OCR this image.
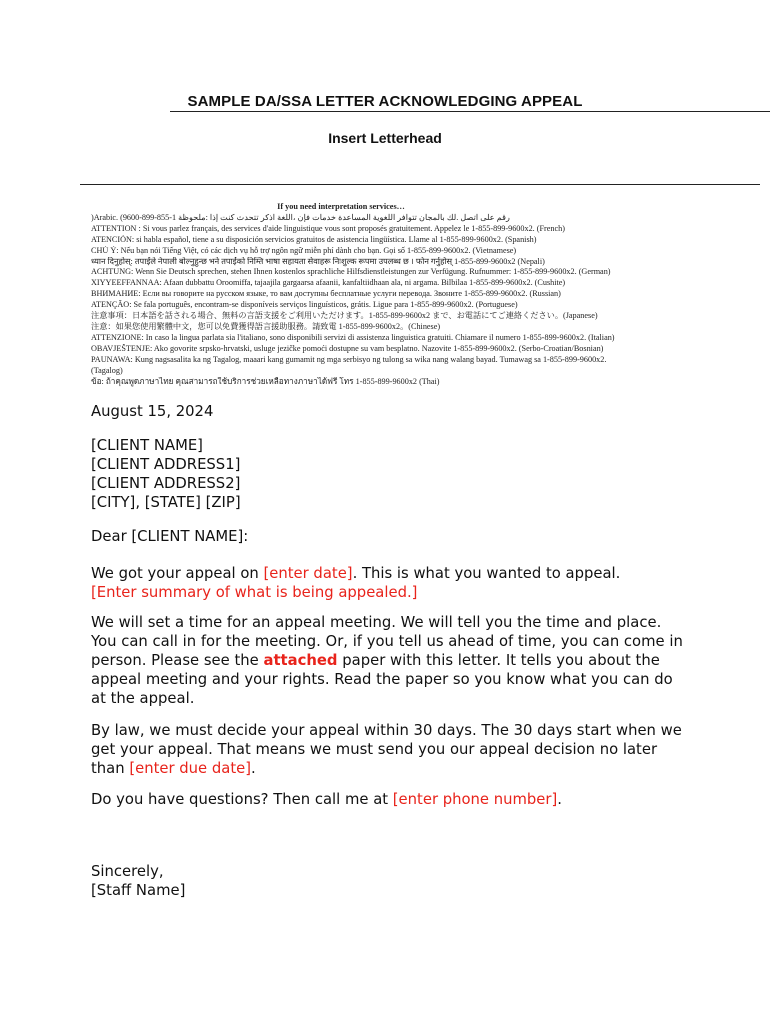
SAMPLE DA/SSA LETTER ACKNOWLEDGING APPEAL
Insert Letterhead
If you need interpretation services…
)Arabic. (9600-899-855-1 ﺭﻗﻢ ﻋﻠﻰ ﺍﺗﺼﻞ .ﻟﻚ ﺑﺎﻟﻤﺠﺎﻥ ﺗﺘﻮﺍﻓﺮ ﺍﻟﻠﻐﻮﻳﺔ ﺍﻟﻤﺴﺎﻋﺪﺓ ﺧﺪﻣﺎﺕ ﻓﺈﻥ ،ﺍﻟﻠﻐﺔ ﺍﺫﻛﺮ ﺗﺘﺤﺪﺙ ﻛﻨﺖ ﺇﺫﺍ :ﻣﻠﺤﻮﻇﺔ
ATTENTION : Si vous parlez français, des services d'aide linguistique vous sont proposés gratuitement. Appelez le 1-855-899-9600x2. (French)
ATENCIÓN: si habla español, tiene a su disposición servicios gratuitos de asistencia lingüística. Llame al 1-855-899-9600x2. (Spanish)
CHÚ Ý: Nếu bạn nói Tiếng Việt, có các dịch vụ hỗ trợ ngôn ngữ miễn phí dành cho bạn. Gọi số 1-855-899-9600x2. (Vietnamese)
ध्यान दिनुहोस्: तपाईंले नेपाली बोल्नुहुन्छ भने तपाईंको निम्ति भाषा सहायता सेवाहरू निःशुल्क रूपमा उपलब्ध छ । फोन गर्नुहोस् 1-855-899-9600x2 (Nepali)
ACHTUNG: Wenn Sie Deutsch sprechen, stehen Ihnen kostenlos sprachliche Hilfsdienstleistungen zur Verfügung. Rufnummer: 1-855-899-9600x2. (German)
XIYYEEFFANNAA: Afaan dubbattu Oroomiffa, tajaajila gargaarsa afaanii, kanfaltiidhaan ala, ni argama. Bilbilaa 1-855-899-9600x2. (Cushite)
ВНИМАНИЕ: Если вы говорите на русском языке, то вам доступны бесплатные услуги перевода. Звоните 1-855-899-9600x2. (Russian)
ATENÇÃO: Se fala português, encontram-se disponíveis serviços linguísticos, grátis. Ligue para 1-855-899-9600x2. (Portuguese)
注意事項：日本語を話される場合、無料の言語支援をご利用いただけます。1-855-899-9600x2 まで、お電話にてご連絡ください。(Japanese)
注意：如果您使用繁體中文，您可以免費獲得語言援助服務。請致電 1-855-899-9600x2。(Chinese)
ATTENZIONE: In caso la lingua parlata sia l'italiano, sono disponibili servizi di assistenza linguistica gratuiti. Chiamare il numero 1-855-899-9600x2. (Italian)
OBAVJEŠTENJE: Ako govorite srpsko-hrvatski, usluge jezičke pomoći dostupne su vam besplatno. Nazovite 1-855-899-9600x2. (Serbo-Croatian/Bosnian)
PAUNAWA: Kung nagsasalita ka ng Tagalog, maaari kang gumamit ng mga serbisyo ng tulong sa wika nang walang bayad. Tumawag sa 1-855-899-9600x2.
(Tagalog)
ข้อ: ถ้าคุณพูดภาษาไทย คุณสามารถใช้บริการช่วยเหลือทางภาษาได้ฟรี โทร 1-855-899-9600x2 (Thai)
August 15, 2024
[CLIENT NAME]
[CLIENT ADDRESS1]
[CLIENT ADDRESS2]
[CITY], [STATE] [ZIP]
Dear [CLIENT NAME]:

We got your appeal on [enter date]. This is what you wanted to appeal.

[Enter summary of what is being appealed.]

We will set a time for an appeal meeting. We will tell you the time and place. You can call in for the meeting. Or, if you tell us ahead of time, you can come in person. Please see the attached paper with this letter. It tells you about the appeal meeting and your rights. Read the paper so you know what you can do at the appeal.

By law, we must decide your appeal within 30 days. The 30 days start when we get your appeal. That means we must send you our appeal decision no later than [enter due date].

Do you have questions? Then call me at [enter phone number].

Sincerely,
[Staff Name]
